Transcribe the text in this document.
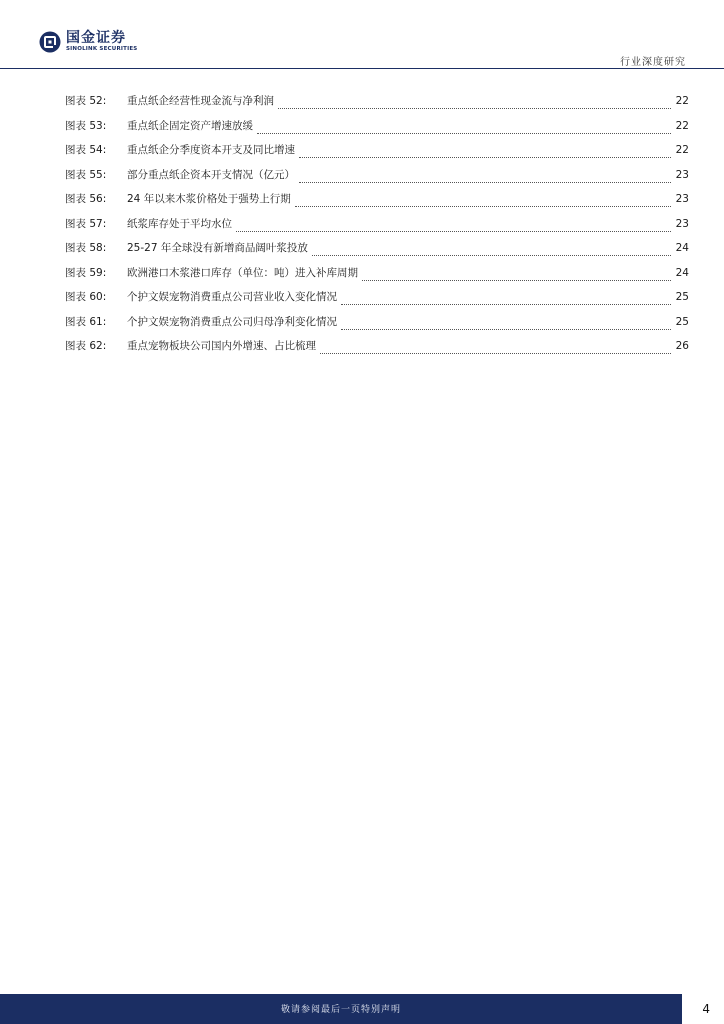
国金证券
SINOLINK SECURITIES
行业深度研究
图表 52:	重点纸企经营性现金流与净利润	22
图表 53:	重点纸企固定资产增速放缓	22
图表 54:	重点纸企分季度资本开支及同比增速	22
图表 55:	部分重点纸企资本开支情况（亿元）	23
图表 56:	24 年以来木浆价格处于强势上行期	23
图表 57:	纸浆库存处于平均水位	23
图表 58:	25-27 年全球没有新增商品阔叶浆投放	24
图表 59:	欧洲港口木浆港口库存（单位：吨）进入补库周期	24
图表 60:	个护文娱宠物消费重点公司营业收入变化情况	25
图表 61:	个护文娱宠物消费重点公司归母净利变化情况	25
图表 62:	重点宠物板块公司国内外增速、占比梳理	26
敬请参阅最后一页特别声明	4
